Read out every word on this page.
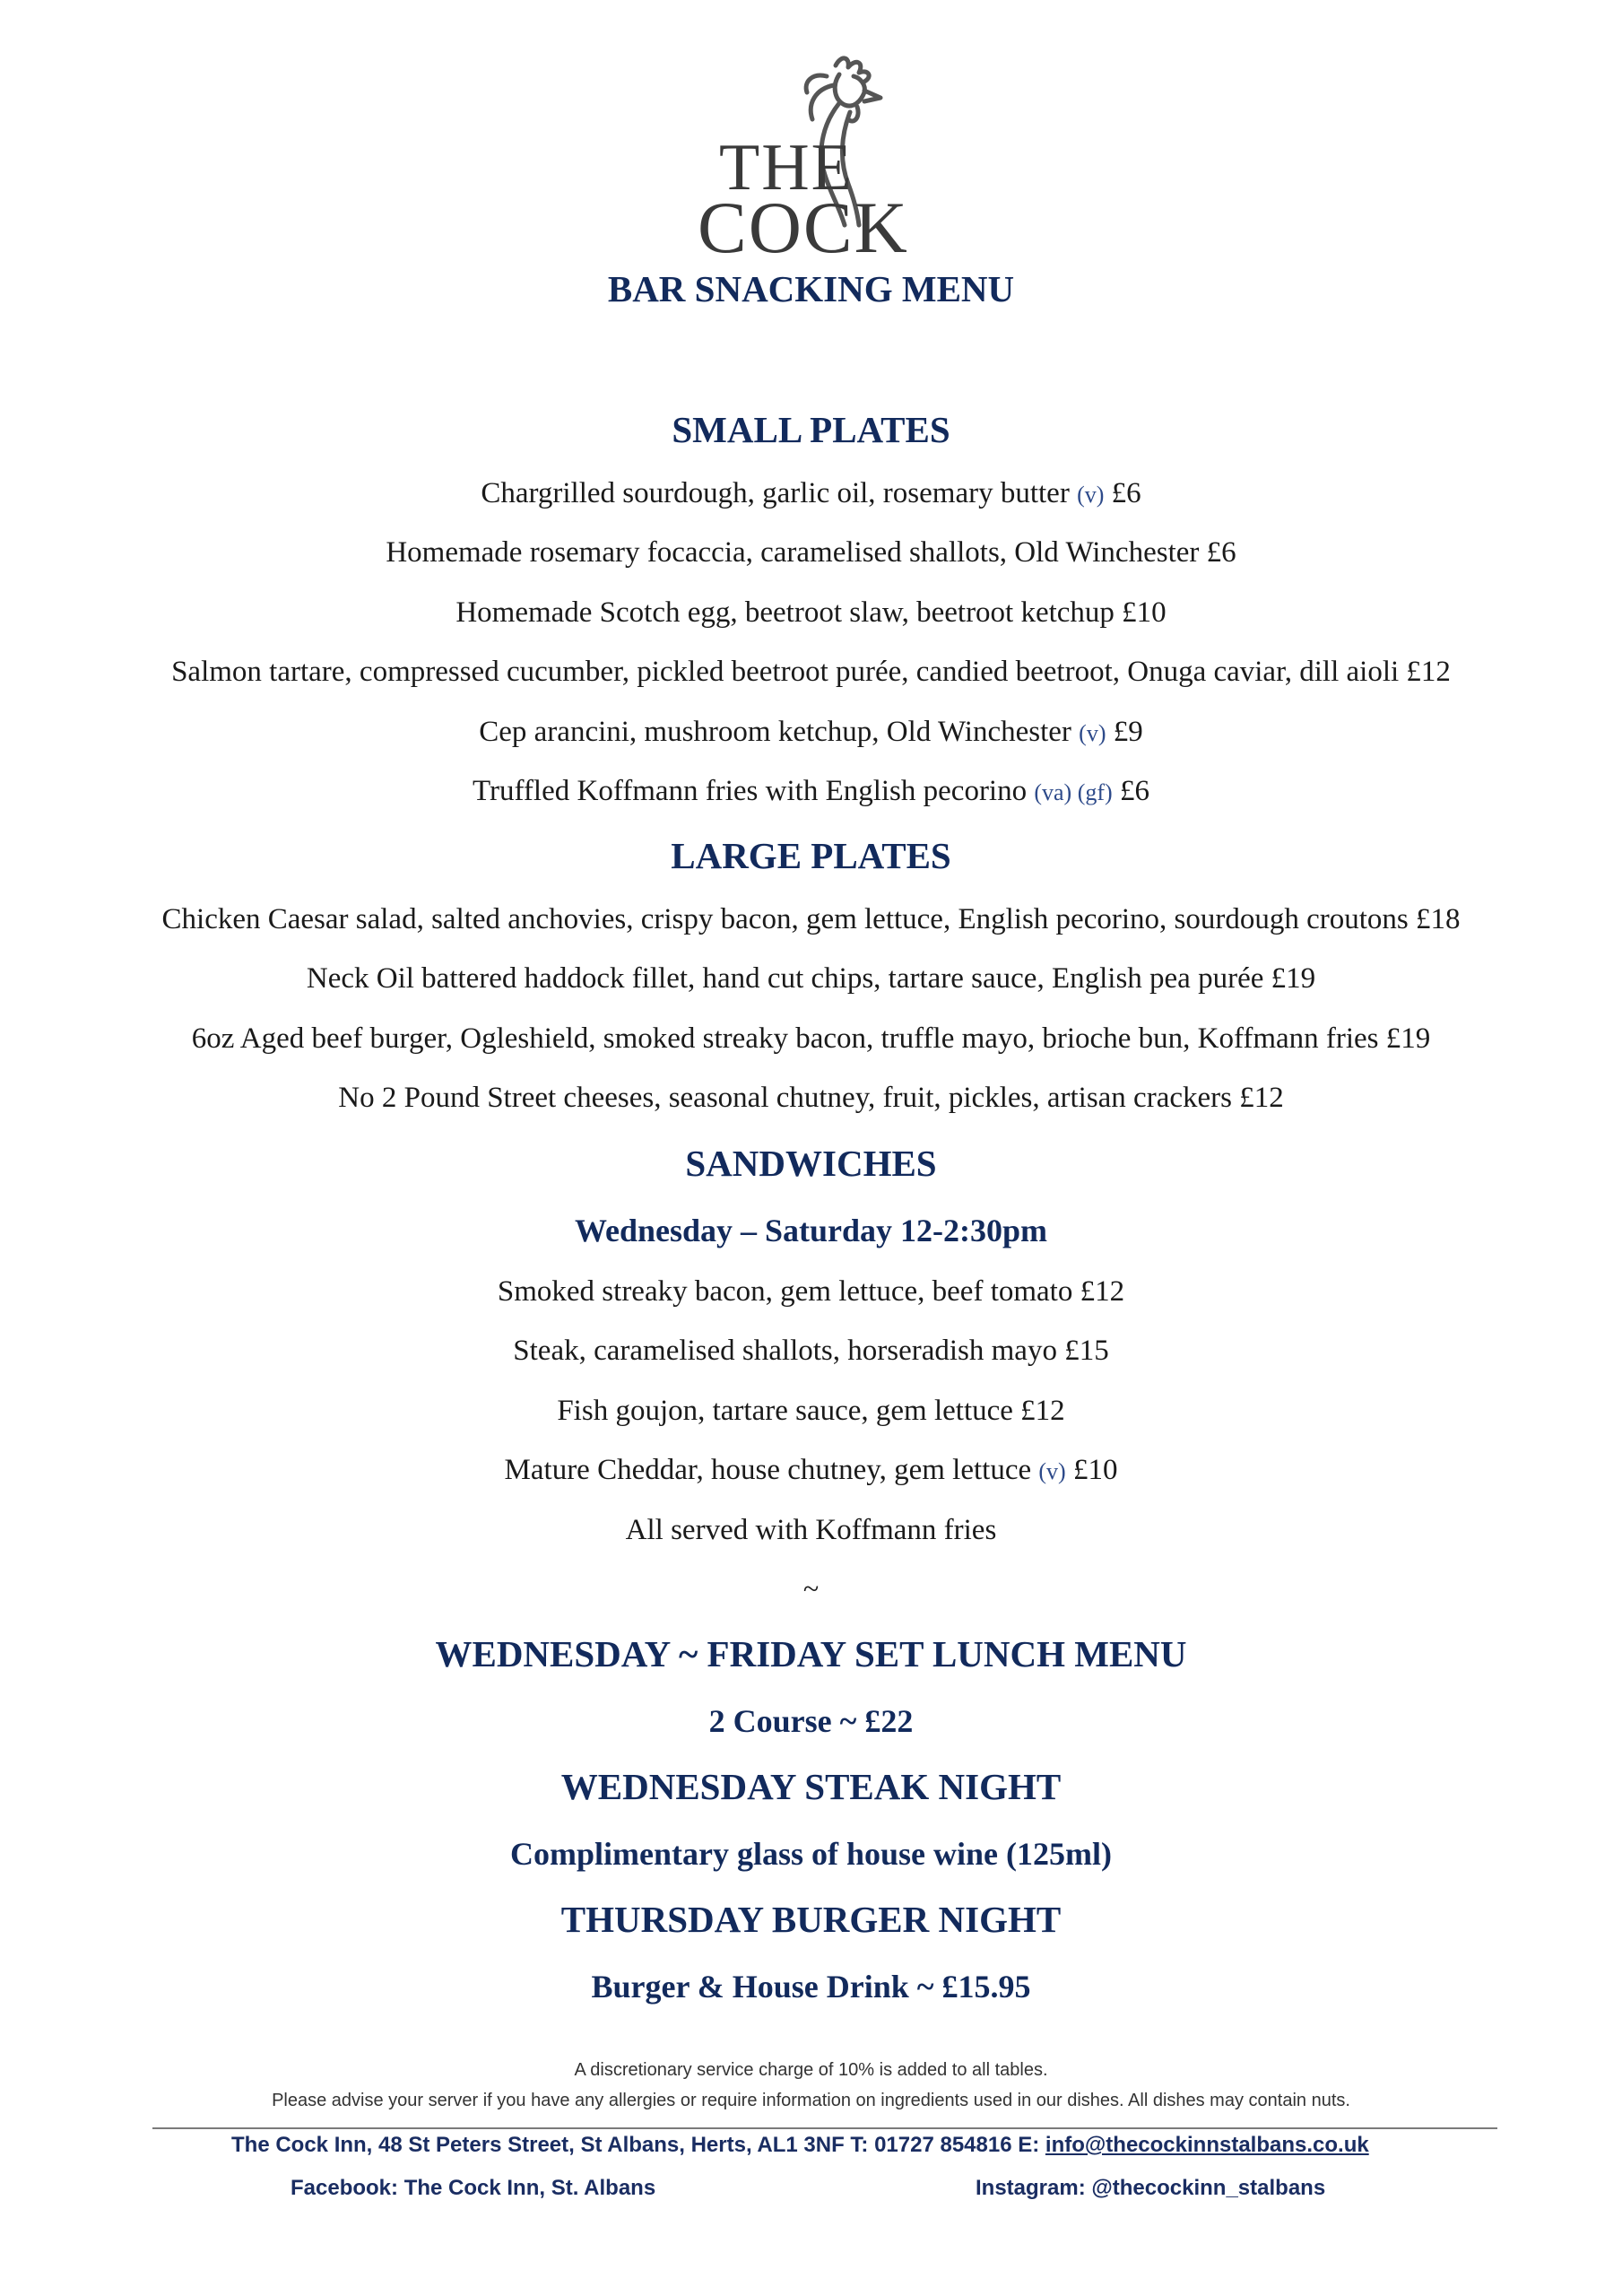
THE
COCK
BAR SNACKING MENU
SMALL PLATES
Chargrilled sourdough, garlic oil, rosemary butter (v) £6
Homemade rosemary focaccia, caramelised shallots, Old Winchester £6
Homemade Scotch egg, beetroot slaw, beetroot ketchup £10
Salmon tartare, compressed cucumber, pickled beetroot purée, candied beetroot, Onuga caviar, dill aioli £12
Cep arancini, mushroom ketchup, Old Winchester (v) £9
Truffled Koffmann fries with English pecorino (va) (gf) £6
LARGE PLATES
Chicken Caesar salad, salted anchovies, crispy bacon, gem lettuce, English pecorino, sourdough croutons £18
Neck Oil battered haddock fillet, hand cut chips, tartare sauce, English pea purée £19
6oz Aged beef burger, Ogleshield, smoked streaky bacon, truffle mayo, brioche bun, Koffmann fries £19
No 2 Pound Street cheeses, seasonal chutney, fruit, pickles, artisan crackers £12
SANDWICHES
Wednesday – Saturday 12-2:30pm
Smoked streaky bacon, gem lettuce, beef tomato £12
Steak, caramelised shallots, horseradish mayo £15
Fish goujon, tartare sauce, gem lettuce £12
Mature Cheddar, house chutney, gem lettuce (v) £10
All served with Koffmann fries
~
WEDNESDAY ~ FRIDAY SET LUNCH MENU
2 Course ~ £22
WEDNESDAY STEAK NIGHT
Complimentary glass of house wine (125ml)
THURSDAY BURGER NIGHT
Burger & House Drink ~ £15.95
A discretionary service charge of 10% is added to all tables.
Please advise your server if you have any allergies or require information on ingredients used in our dishes. All dishes may contain nuts.
The Cock Inn, 48 St Peters Street, St Albans, Herts, AL1 3NF T: 01727 854816 E: info@thecockinnstalbans.co.uk
Facebook: The Cock Inn, St. Albans	Instagram: @thecockinn_stalbans
